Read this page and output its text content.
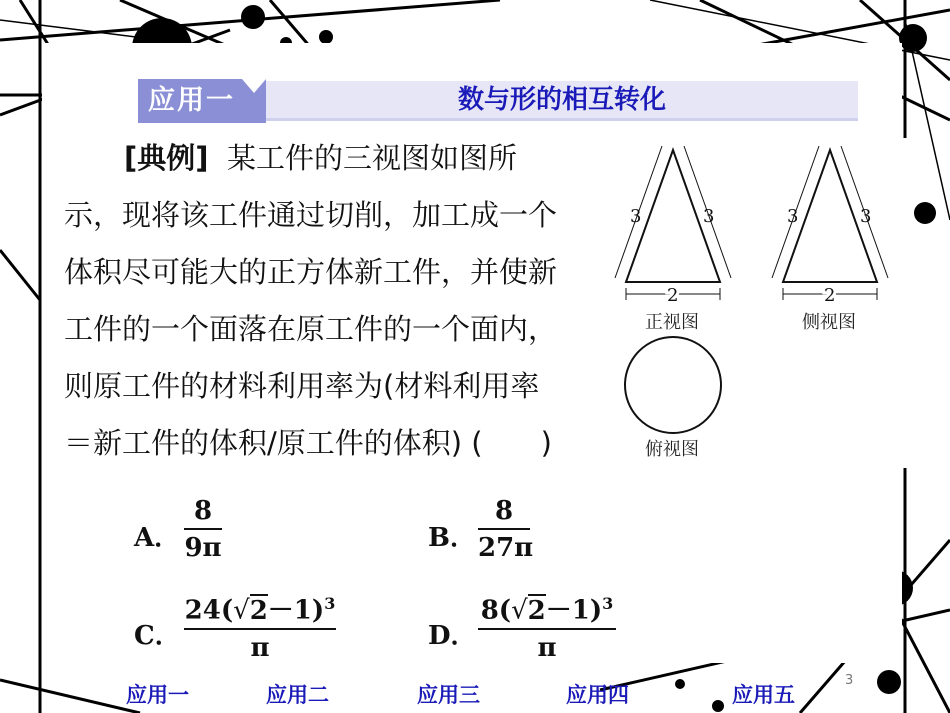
应用一	数与形的相互转化
[典例] 某工件的三视图如图所
示，现将该工件通过切削，加工成一个
体积尽可能大的正方体新工件，并使新
工件的一个面落在原工件的一个面内，
则原工件的材料利用率为(材料利用率
＝新工件的体积/原工件的体积) (　　)
A．
8
9π	B．
8
27π
C．
$24(√2-1)^3$
π	D．
$8(√2-1)^3$
π
3	3
2
3	3
2
正视图	侧视图
俯视图
应用一	应用二	应用三	应用四	应用五
3
